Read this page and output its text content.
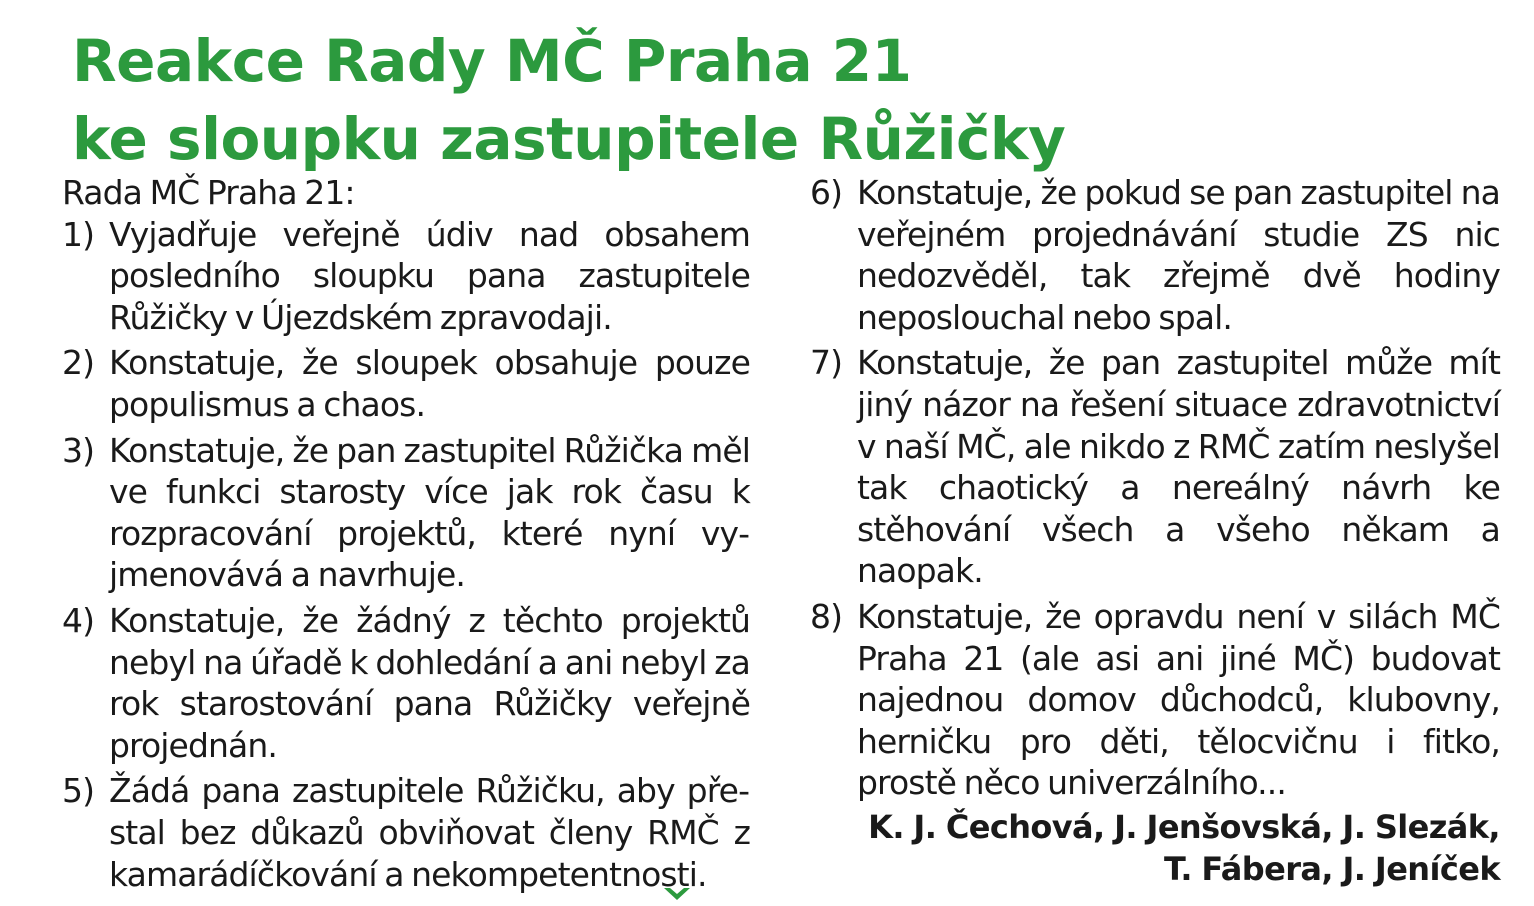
Reakce Rady MČ Praha 21
ke sloupku zastupitele Růžičky

Rada MČ Praha 21:

1) Vyjadřuje veřejně údiv nad obsahem posledního sloupku pana zastupitele Růžičky v Újezdském zpravodaji.
2) Konstatuje, že sloupek obsahuje pouze populismus a chaos.
3) Konstatuje, že pan zastupitel Růžička měl ve funkci starosty více jak rok času k rozpracování projektů, které nyní vyjmenovává a navrhuje.
4) Konstatuje, že žádný z těchto projektů nebyl na úřadě k dohledání a ani nebyl za rok starostování pana Růžičky veřejně projednán.
5) Žádá pana zastupitele Růžičku, aby přestal bez důkazů obviňovat členy RMČ z kamarádíčkování a nekompetentnosti.
6) Konstatuje, že pokud se pan zastupitel na veřejném projednávání studie ZS nic nedozvěděl, tak zřejmě dvě hodiny neposlouchal nebo spal.
7) Konstatuje, že pan zastupitel může mít jiný názor na řešení situace zdravotnictví v naší MČ, ale nikdo z RMČ zatím neslyšel tak chaotický a nereálný návrh ke stěhování všech a všeho někam a naopak.
8) Konstatuje, že opravdu není v silách MČ Praha 21 (ale asi ani jiné MČ) budovat najednou domov důchodců, klubovny, herničku pro děti, tělocvičnu i fitko, prostě něco univerzálního...
K. J. Čechová, J. Jenšovská, J. Slezák,
T. Fábera, J. Jeníček
